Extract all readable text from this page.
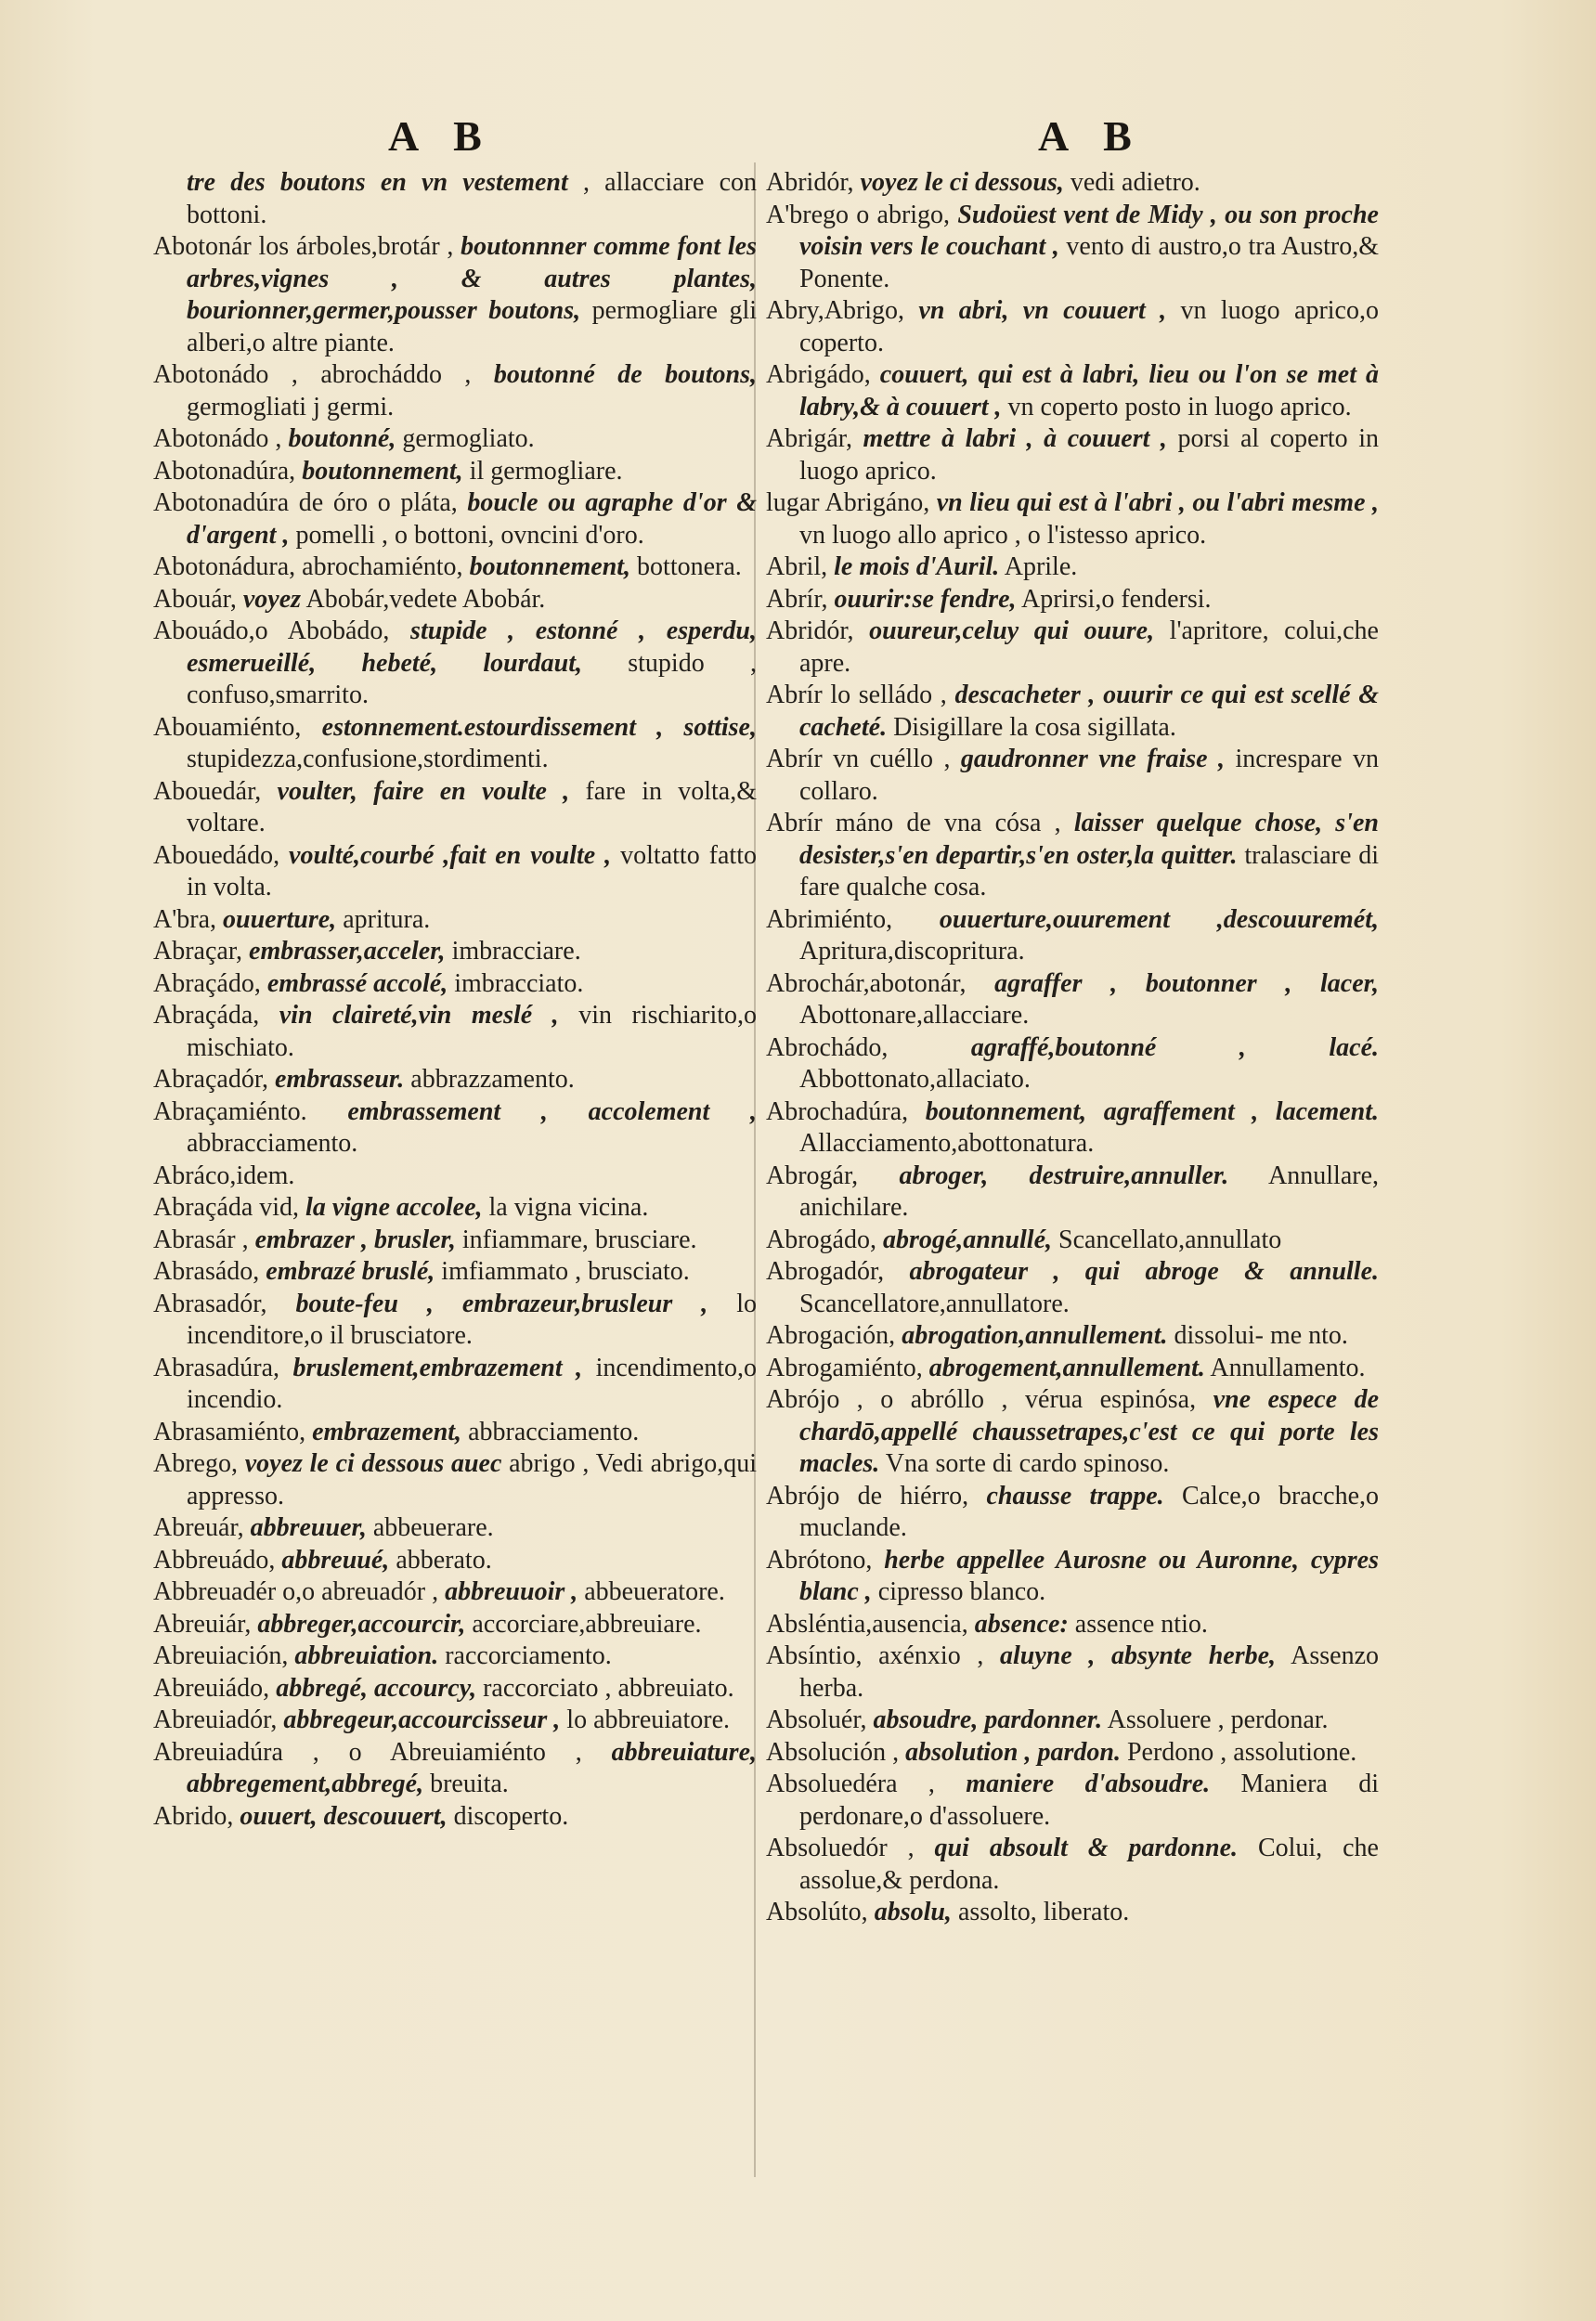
A B	A B
tre des boutons en vn vestement , allacciare con bottoni.
Abotonár los árboles,brotár , boutonnner comme font les arbres,vignes , & autres plantes, bourionner,germer,pousser boutons, permogliare gli alberi,o altre piante.
Abotonádo , abrocháddo , boutonné de boutons, germogliati j germi.
Abotonádo , boutonné, germogliato.
Abotonadúra, boutonnement, il germogliare.
Abotonadúra de óro o pláta, boucle ou agraphe d'or & d'argent , pomelli , o bottoni, ovncini d'oro.
Abotonádura, abrochamiénto, boutonnement, bottonera.
Abouár, voyez Abobár,vedete Abobár.
Abouádo,o Abobádo, stupide , estonné , esperdu, esmerueillé, hebeté, lourdaut, stupido , confuso,smarrito.
Abouamiénto, estonnement.estourdissement , sottise, stupidezza,confusione,stordimenti.
Abouedár, voulter, faire en voulte , fare in volta,& voltare.
Abouedádo, voulté,courbé ,fait en voulte , voltatto fatto in volta.
A'bra, ouuerture, apritura.
Abraçar, embrasser,acceler, imbracciare.
Abraçádo, embrassé accolé, imbracciato.
Abraçáda, vin claireté,vin meslé , vin rischiarito,o mischiato.
Abraçadór, embrasseur. abbrazzamento.
Abraçamiénto. embrassement , accolement , abbracciamento.
Abráco,idem.
Abraçáda vid, la vigne accolee, la vigna vicina.
Abrasár , embrazer , brusler, infiammare, brusciare.
Abrasádo, embrazé bruslé, imfiammato , brusciato.
Abrasadór, boute-feu , embrazeur,brusleur , lo incenditore,o il brusciatore.
Abrasadúra, bruslement,embrazement , incendimento,o incendio.
Abrasamiénto, embrazement, abbracciamento.
Abrego, voyez le ci dessous auec abrigo , Vedi abrigo,qui appresso.
Abreuár, abbreuuer, abbeuerare.
Abbreuádo, abbreuué, abberato.
Abbreuadér o,o abreuadór , abbreuuoir , abbeueratore.
Abreuiár, abbreger,accourcir, accorciare,abbreuiare.
Abreuiación, abbreuiation. raccorciamento.
Abreuiádo, abbregé, accourcy, raccorciato , abbreuiato.
Abreuiadór, abbregeur,accourcisseur , lo abbreuiatore.
Abreuiadúra , o Abreuiamiénto , abbreuiature, abbregement,abbregé, breuita.
Abrido, ouuert, descouuert, discoperto.
Abridór, voyez le ci dessous, vedi adietro.
A'brego o abrigo, Sudoüest vent de Midy , ou son proche voisin vers le couchant , vento di austro,o tra Austro,& Ponente.
Abry,Abrigo, vn abri, vn couuert , vn luogo aprico,o coperto.
Abrigádo, couuert, qui est à labri, lieu ou l'on se met à labry,& à couuert , vn coperto posto in luogo aprico.
Abrigár, mettre à labri , à couuert , porsi al coperto in luogo aprico.
lugar Abrigáno, vn lieu qui est à l'abri , ou l'abri mesme , vn luogo allo aprico , o l'istesso aprico.
Abril, le mois d'Auril. Aprile.
Abrír, ouurir:se fendre, Aprirsi,o fendersi.
Abridór, ouureur,celuy qui ouure, l'apritore, colui,che apre.
Abrír lo selládo , descacheter , ouurir ce qui est scellé & cacheté. Disigillare la cosa sigillata.
Abrír vn cuéllo , gaudronner vne fraise , increspare vn collaro.
Abrír máno de vna cósa , laisser quelque chose, s'en desister,s'en departir,s'en oster,la quitter. tralasciare di fare qualche cosa.
Abrimiénto, ouuerture,ouurement ,descouuremét, Apritura,discopritura.
Abrochár,abotonár, agraffer , boutonner , lacer, Abottonare,allacciare.
Abrochádo, agraffé,boutonné , lacé. Abbottonato,allaciato.
Abrochadúra, boutonnement, agraffement , lacement. Allacciamento,abottonatura.
Abrogár, abroger, destruire,annuller. Annullare, anichilare.
Abrogádo, abrogé,annullé, Scancellato,annullato
Abrogadór, abrogateur , qui abroge & annulle. Scancellatore,annullatore.
Abrogación, abrogation,annullement. dissolui- me nto.
Abrogamiénto, abrogement,annullement. Annullamento.
Abrójo , o abróllo , vérua espinósa, vne espece de chardō,appellé chaussetrapes,c'est ce qui porte les macles. Vna sorte di cardo spinoso.
Abrójo de hiérro, chausse trappe. Calce,o bracche,o muclande.
Abrótono, herbe appellee Aurosne ou Auronne, cypres blanc , cipresso blanco.
Absléntia,ausencia, absence: assence ntio.
Absíntio, axénxio , aluyne , absynte herbe, Assenzo herba.
Absoluér, absoudre, pardonner. Assoluere , perdonar.
Absolución , absolution , pardon. Perdono , assolutione.
Absoluedéra , maniere d'absoudre. Maniera di perdonare,o d'assoluere.
Absoluedór , qui absoult & pardonne. Colui, che assolue,& perdona.
Absolúto, absolu, assolto, liberato.
